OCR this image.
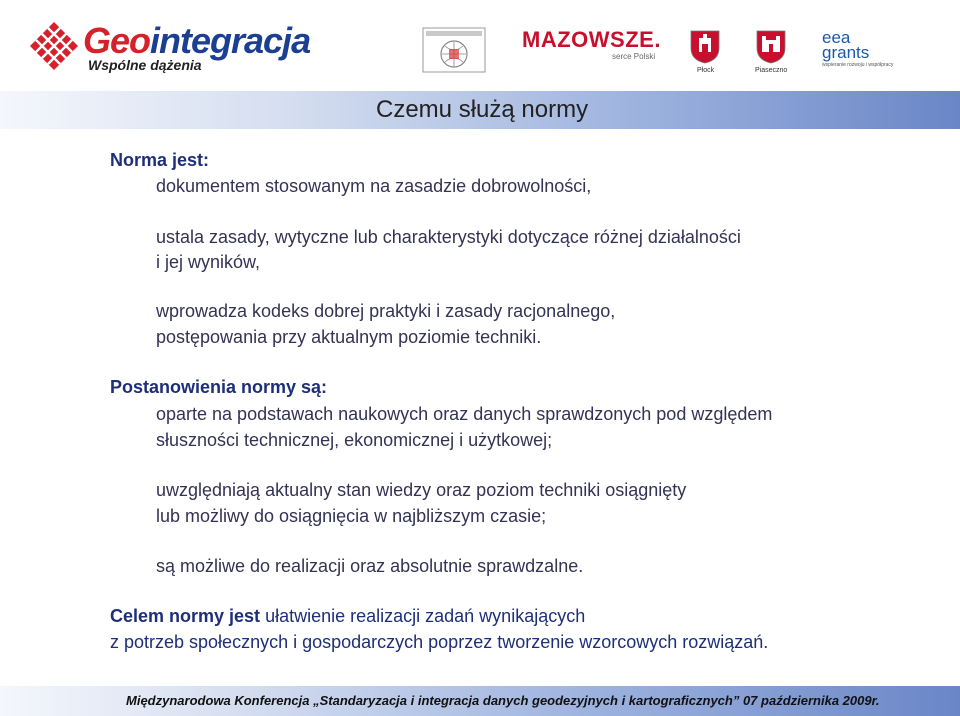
Geointegracja
Wspólne dążenia
MAZOWSZE.
serce Polski
Płock	Piaseczno
eea
grants
wspieranie rozwoju i współpracy
Czemu służą normy
Norma jest:
dokumentem stosowanym na zasadzie dobrowolności,
ustala zasady, wytyczne lub charakterystyki dotyczące różnej działalności
i jej wyników,
wprowadza kodeks dobrej praktyki i zasady racjonalnego,
postępowania przy aktualnym poziomie techniki.
Postanowienia normy są:
oparte na podstawach naukowych oraz danych sprawdzonych pod względem
słuszności technicznej, ekonomicznej i użytkowej;
uwzględniają aktualny stan wiedzy oraz poziom techniki osiągnięty
lub możliwy do osiągnięcia w najbliższym czasie;
są możliwe do realizacji oraz absolutnie sprawdzalne.
Celem normy jest ułatwienie realizacji zadań wynikających
z potrzeb społecznych i gospodarczych poprzez tworzenie wzorcowych rozwiązań.
Międzynarodowa Konferencja „Standaryzacja i integracja danych geodezyjnych i kartograficznych” 07 października 2009r.
